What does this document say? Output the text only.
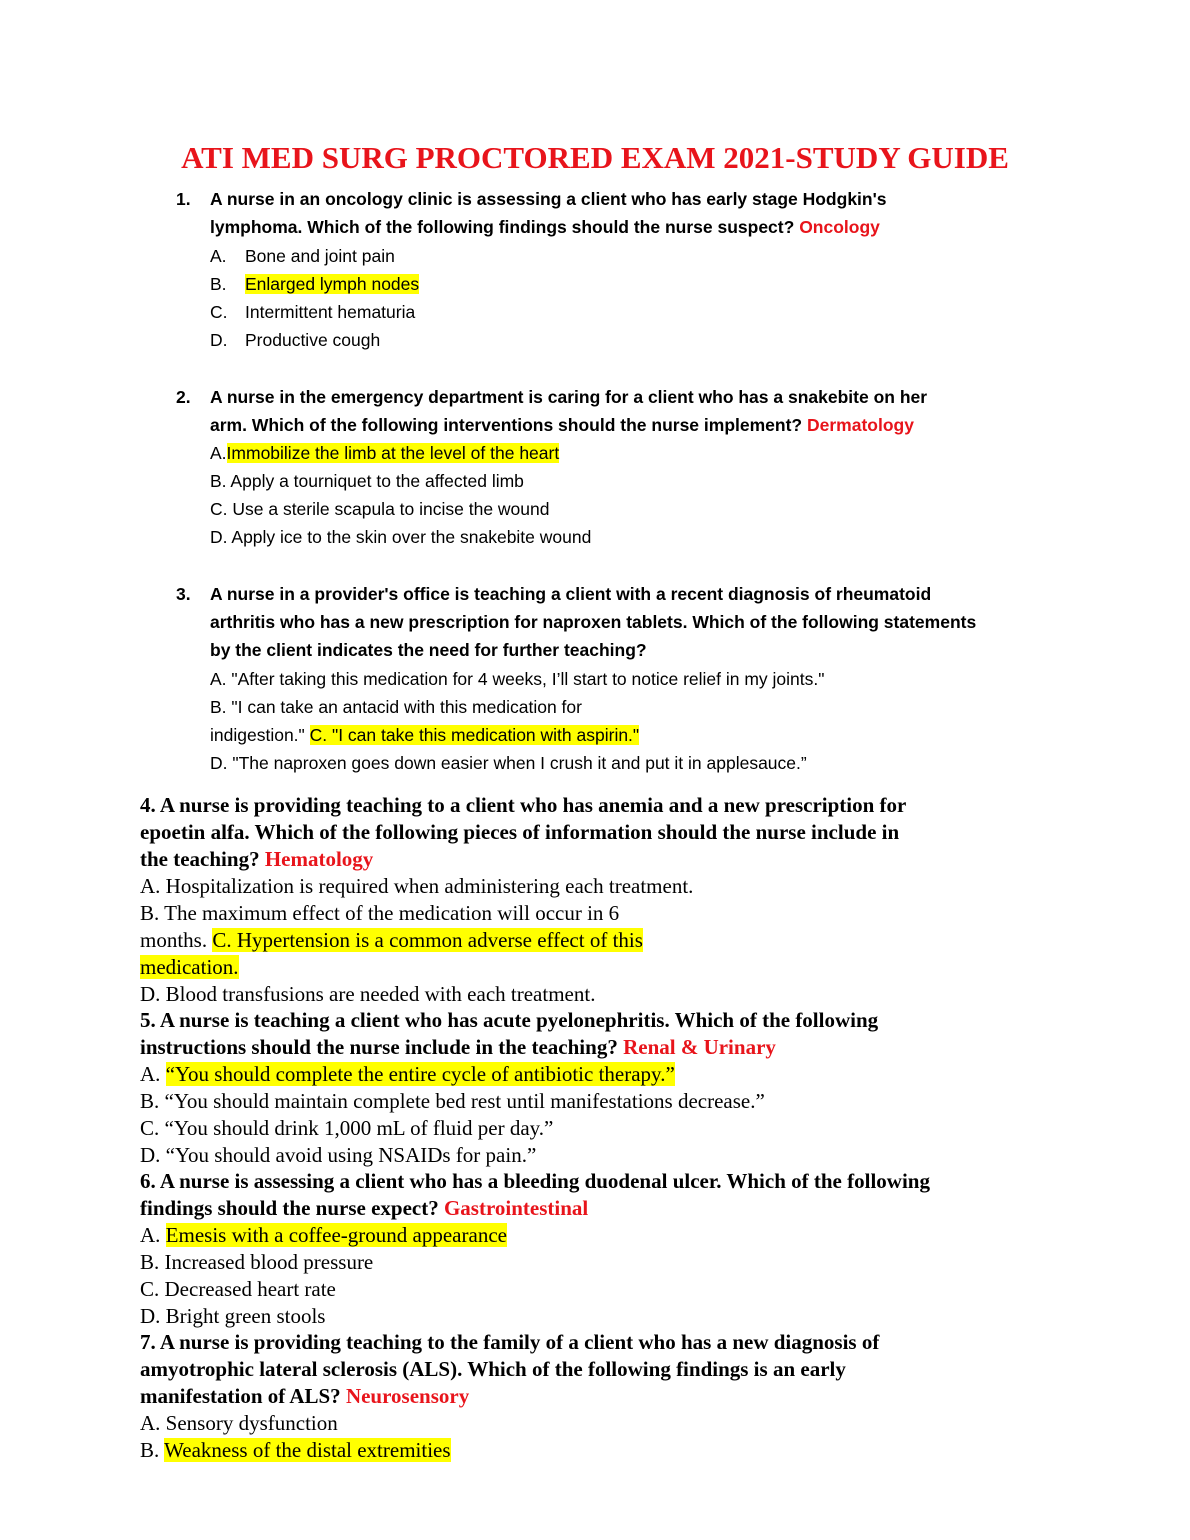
ATI MED SURG PROCTORED EXAM 2021-STUDY GUIDE
1. A nurse in an oncology clinic is assessing a client who has early stage Hodgkin's
lymphoma. Which of the following findings should the nurse suspect? Oncology
A. Bone and joint pain
B. Enlarged lymph nodes
C. Intermittent hematuria
D. Productive cough
2. A nurse in the emergency department is caring for a client who has a snakebite on her
arm. Which of the following interventions should the nurse implement? Dermatology
A.Immobilize the limb at the level of the heart
B. Apply a tourniquet to the affected limb
C. Use a sterile scapula to incise the wound
D. Apply ice to the skin over the snakebite wound
3. A nurse in a provider's office is teaching a client with a recent diagnosis of rheumatoid
arthritis who has a new prescription for naproxen tablets. Which of the following statements
by the client indicates the need for further teaching?
A. "After taking this medication for 4 weeks, I’ll start to notice relief in my joints."
B. "I can take an antacid with this medication for
indigestion." C. "I can take this medication with aspirin."
D. "The naproxen goes down easier when I crush it and put it in applesauce.”
4. A nurse is providing teaching to a client who has anemia and a new prescription for
epoetin alfa. Which of the following pieces of information should the nurse include in
the teaching? Hematology
A. Hospitalization is required when administering each treatment.
B. The maximum effect of the medication will occur in 6
months. C. Hypertension is a common adverse effect of this
medication.
D. Blood transfusions are needed with each treatment.
5. A nurse is teaching a client who has acute pyelonephritis. Which of the following
instructions should the nurse include in the teaching? Renal & Urinary
A. “You should complete the entire cycle of antibiotic therapy.”
B. “You should maintain complete bed rest until manifestations decrease.”
C. “You should drink 1,000 mL of fluid per day.”
D. “You should avoid using NSAIDs for pain.”
6. A nurse is assessing a client who has a bleeding duodenal ulcer. Which of the following
findings should the nurse expect? Gastrointestinal
A. Emesis with a coffee-ground appearance
B. Increased blood pressure
C. Decreased heart rate
D. Bright green stools
7. A nurse is providing teaching to the family of a client who has a new diagnosis of
amyotrophic lateral sclerosis (ALS). Which of the following findings is an early
manifestation of ALS? Neurosensory
A. Sensory dysfunction
B. Weakness of the distal extremities
